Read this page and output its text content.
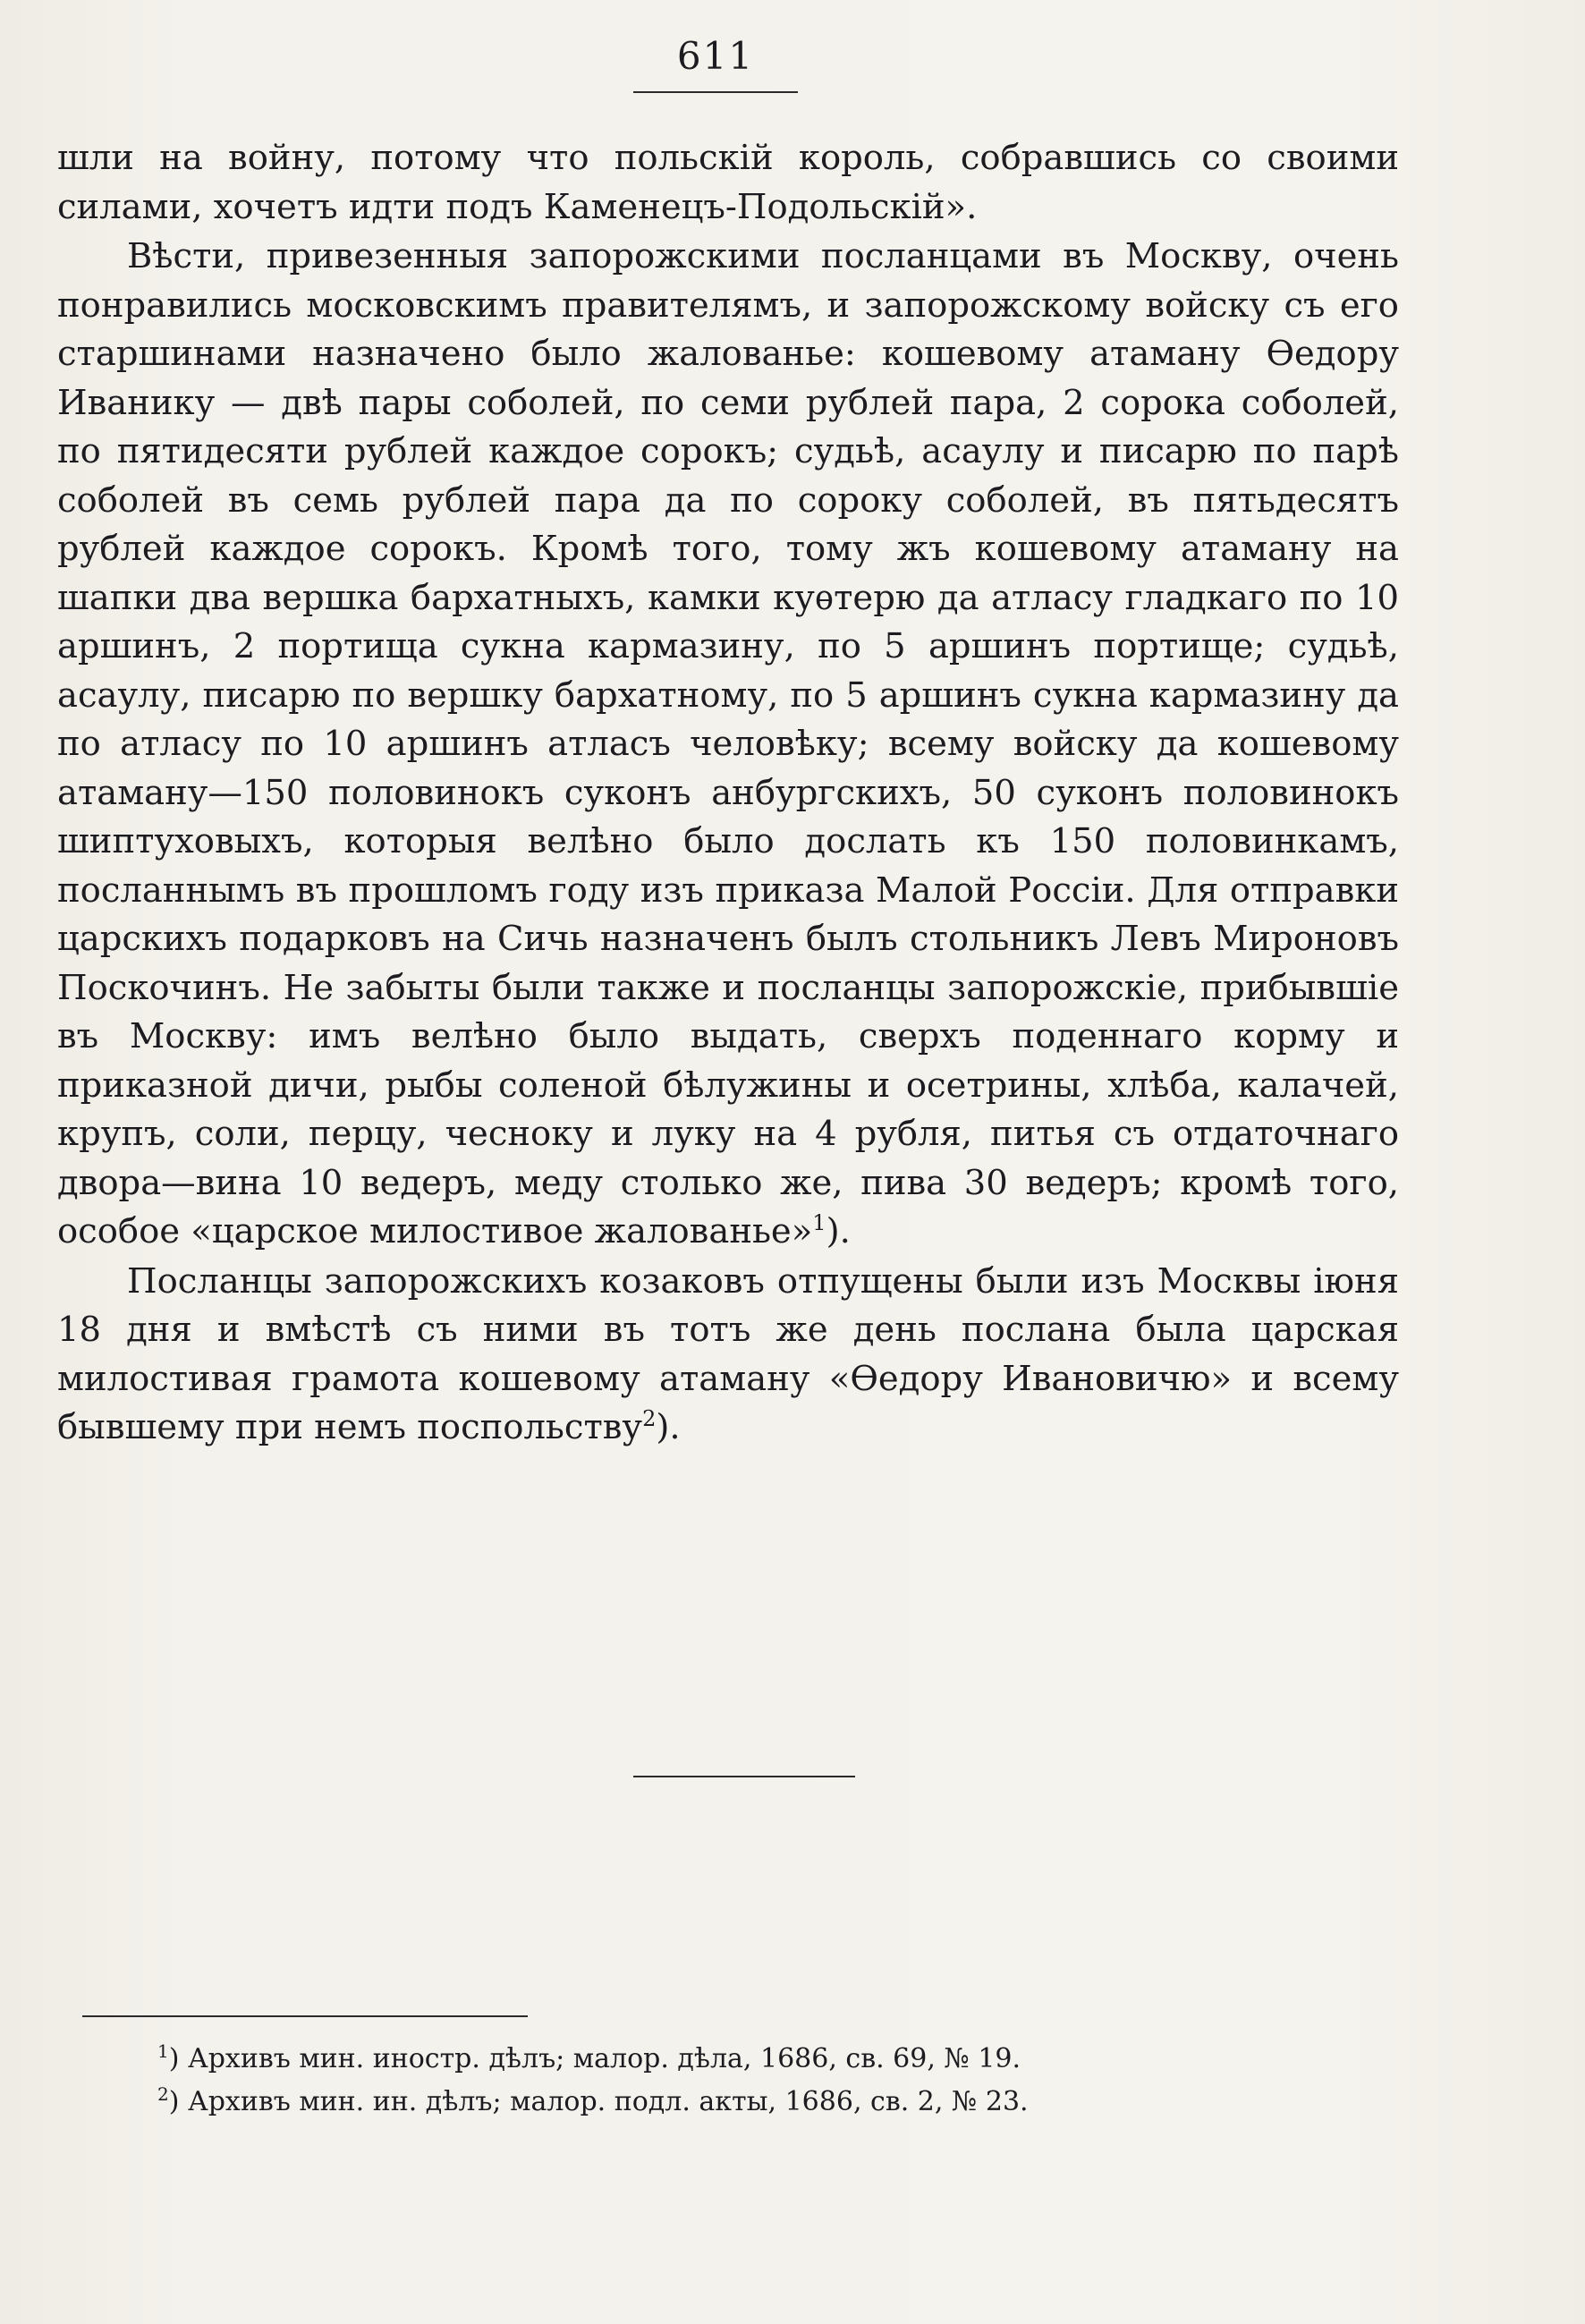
611

шли на войну, потому что польскій король, собравшись со своими силами, хочетъ идти подъ Каменецъ-Подольскій».

Вѣсти, привезенныя запорожскими посланцами въ Москву, очень понравились московскимъ правителямъ, и запорожскому войску съ его старшинами назначено было жалованье: кошевому атаману Ѳедору Иванику — двѣ пары соболей, по семи рублей пара, 2 сорока соболей, по пятидесяти рублей каждое сорокъ; судьѣ, асаулу и писарю по парѣ соболей въ семь рублей пара да по сороку соболей, въ пятьдесятъ рублей каждое сорокъ. Кромѣ того, тому жъ кошевому атаману на шапки два вершка бархатныхъ, камки куѳтерю да атласу гладкаго по 10 аршинъ, 2 портища сукна кармазину, по 5 аршинъ портище; судьѣ, асаулу, писарю по вершку бархатному, по 5 аршинъ сукна кармазину да по атласу по 10 аршинъ атласъ человѣку; всему войску да кошевому атаману—150 половинокъ суконъ анбургскихъ, 50 суконъ половинокъ шиптуховыхъ, которыя велѣно было дослать къ 150 половинкамъ, посланнымъ въ прошломъ году изъ приказа Малой Россіи. Для отправки царскихъ подарковъ на Сичь назначенъ былъ стольникъ Левъ Мироновъ Поскочинъ. Не забыты были также и посланцы запорожскіе, прибывшіе въ Москву: имъ велѣно было выдать, сверхъ поденнаго корму и приказной дичи, рыбы соленой бѣлужины и осетрины, хлѣба, калачей, крупъ, соли, перцу, чесноку и луку на 4 рубля, питья съ отдаточнаго двора—вина 10 ведеръ, меду столько же, пива 30 ведеръ; кромѣ того, особое «царское милостивое жалованье»$^1$).

Посланцы запорожскихъ козаковъ отпущены были изъ Москвы іюня 18 дня и вмѣстѣ съ ними въ тотъ же день послана была царская милостивая грамота кошевому атаману «Ѳедору Ивановичю» и всему бывшему при немъ поспольству$^2$).

$^1$) Архивъ мин. иностр. дѣлъ; малор. дѣла, 1686, св. 69, № 19.
$^2$) Архивъ мин. ин. дѣлъ; малор. подл. акты, 1686, св. 2, № 23.
